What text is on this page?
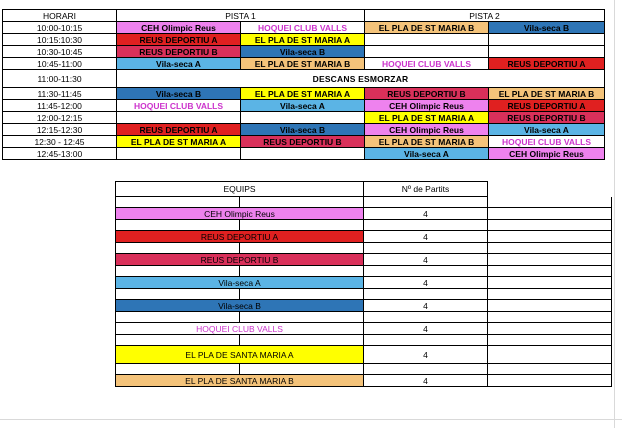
HORARI	PISTA 1		PISTA 2	
10:00-10:15	CEH Olimpic Reus	HOQUEI CLUB VALLS	EL PLA DE ST MARIA B	Vila-seca B
10:15:10:30	REUS DEPORTIU A	EL PLA DE ST MARIA A		
10:30-10:45	REUS DEPORTIU B	Vila-seca B		
10:45-11:00	Vila-seca A	EL PLA DE ST MARIA B	HOQUEI CLUB VALLS	REUS DEPORTIU A
11:00-11:30	DESCANS ESMORZAR			
11:30-11:45	Vila-seca B	EL PLA DE ST MARIA A	REUS DEPORTIU B	EL PLA DE ST MARIA B
11:45-12:00	HOQUEI CLUB VALLS	Vila-seca A	CEH Olimpic Reus	REUS DEPORTIU A
12:00-12:15			EL PLA DE ST MARIA A	REUS DEPORTIU B
12:15-12:30	REUS DEPORTIU A	Vila-seca B	CEH Olimpic Reus	Vila-seca A
12:30 - 12:45	EL PLA DE ST MARIA A	REUS DEPORTIU B	EL PLA DE ST MARIA B	HOQUEI CLUB VALLS
12:45-13:00			Vila-seca A	CEH Olimpic Reus
EQUIPS		Nº de Partits	

CEH Olimpic Reus		4	

REUS DEPORTIU A		4	

REUS DEPORTIU B		4	

Vila-seca A		4	

Vila-seca B		4	

HOQUEI CLUB VALLS		4	

EL PLA DE SANTA MARIA A		4	

EL PLA DE SANTA MARIA B		4	
